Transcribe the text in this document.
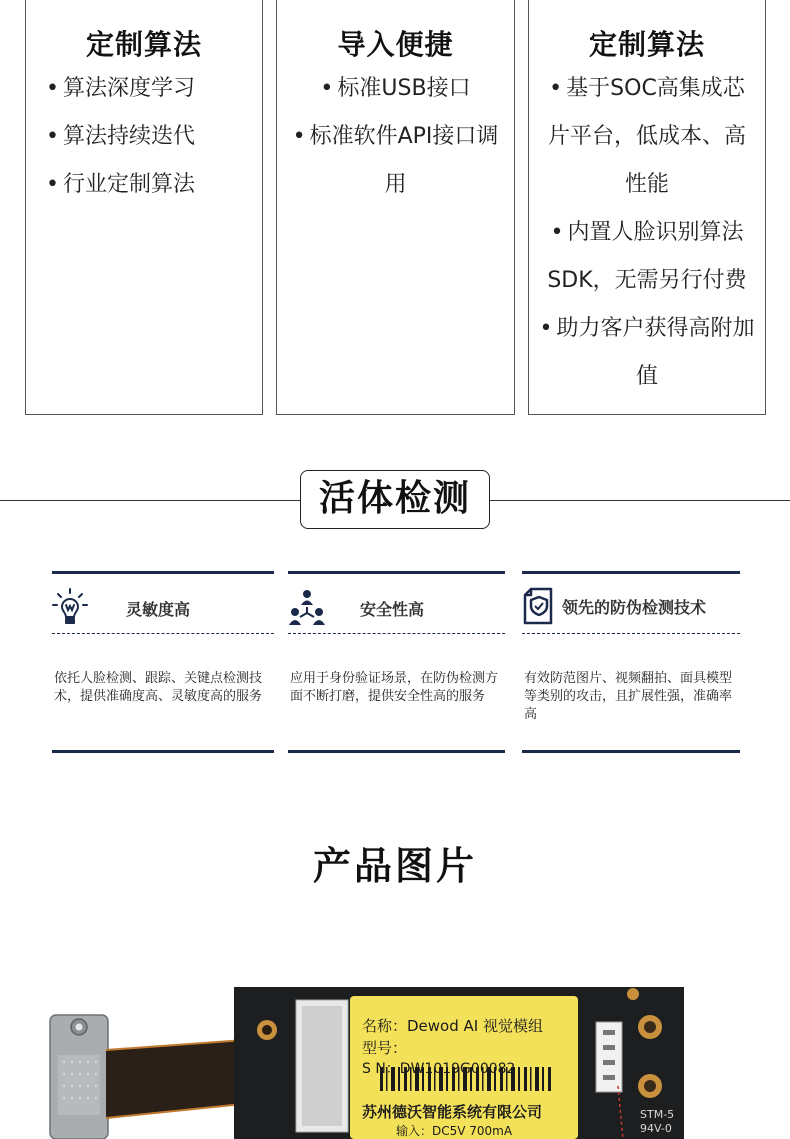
定制算法
• 算法深度学习
• 算法持续迭代
• 行业定制算法
导入便捷
• 标准USB接口
• 标准软件API接口调用
定制算法
• 基于SOC高集成芯片平台，低成本、高性能
• 内置人脸识别算法SDK，无需另行付费
• 助力客户获得高附加值
活体检测
灵敏度高
依托人脸检测、跟踪、关键点检测技术，提供准确度高、灵敏度高的服务
安全性高
应用于身份验证场景，在防伪检测方面不断打磨，提供安全性高的服务
领先的防伪检测技术
有效防范图片、视频翻拍、面具模型等类别的攻击，且扩展性强，准确率高
产品图片
名称：Dewod AI 视觉模组
型号：
S N：DW1019G00082
苏州德沃智能系统有限公司
输入：DC5V 700mA
STM-5
94V-0
